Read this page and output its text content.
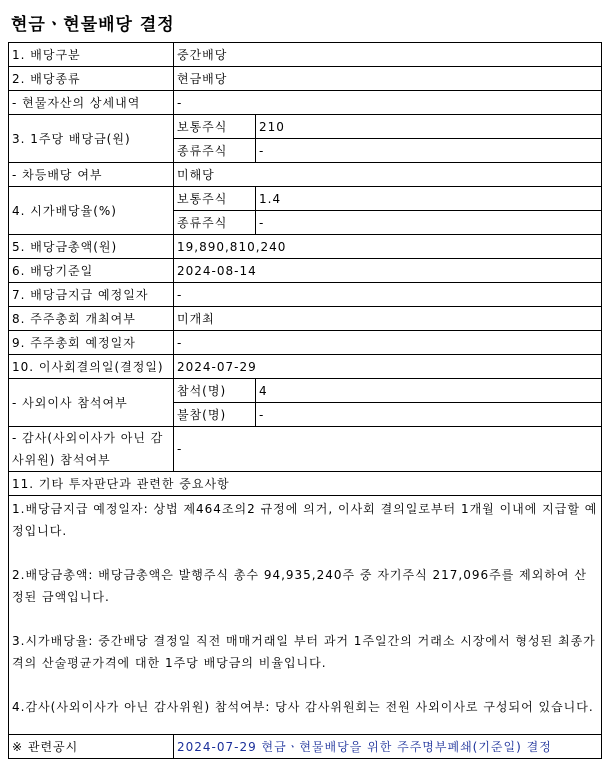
현금ㆍ현물배당 결정
1. 배당구분	중간배당	
2. 배당종류	현금배당	
- 현물자산의 상세내역	-	
3. 1주당 배당금(원)	보통주식	210
	종류주식	-
- 차등배당 여부	미해당	
4. 시가배당율(%)	보통주식	1.4
	종류주식	-
5. 배당금총액(원)	19,890,810,240	
6. 배당기준일	2024-08-14	
7. 배당금지급 예정일자	-	
8. 주주총회 개최여부	미개최	
9. 주주총회 예정일자	-	
10. 이사회결의일(결정일)	2024-07-29	
- 사외이사 참석여부	참석(명)	4
	불참(명)	-
- 감사(사외이사가 아닌 감사위원) 참석여부	-	
11. 기타 투자판단과 관련한 중요사항		

1.배당금지급 예정일자: 상법 제464조의2 규정에 의거, 이사회 결의일로부터 1개월 이내에 지급할 예정입니다.

2.배당금총액: 배당금총액은 발행주식 총수 94,935,240주 중 자기주식 217,096주를 제외하여 산정된 금액입니다.

3.시가배당율: 중간배당 결정일 직전 매매거래일 부터 과거 1주일간의 거래소 시장에서 형성된 최종가격의 산술평균가격에 대한 1주당 배당금의 비율입니다.

4.감사(사외이사가 아닌 감사위원) 참석여부: 당사 감사위원회는 전원 사외이사로 구성되어 있습니다.		

※ 관련공시	2024-07-29 현금ㆍ현물배당을 위한 주주명부폐쇄(기준일) 결정	
